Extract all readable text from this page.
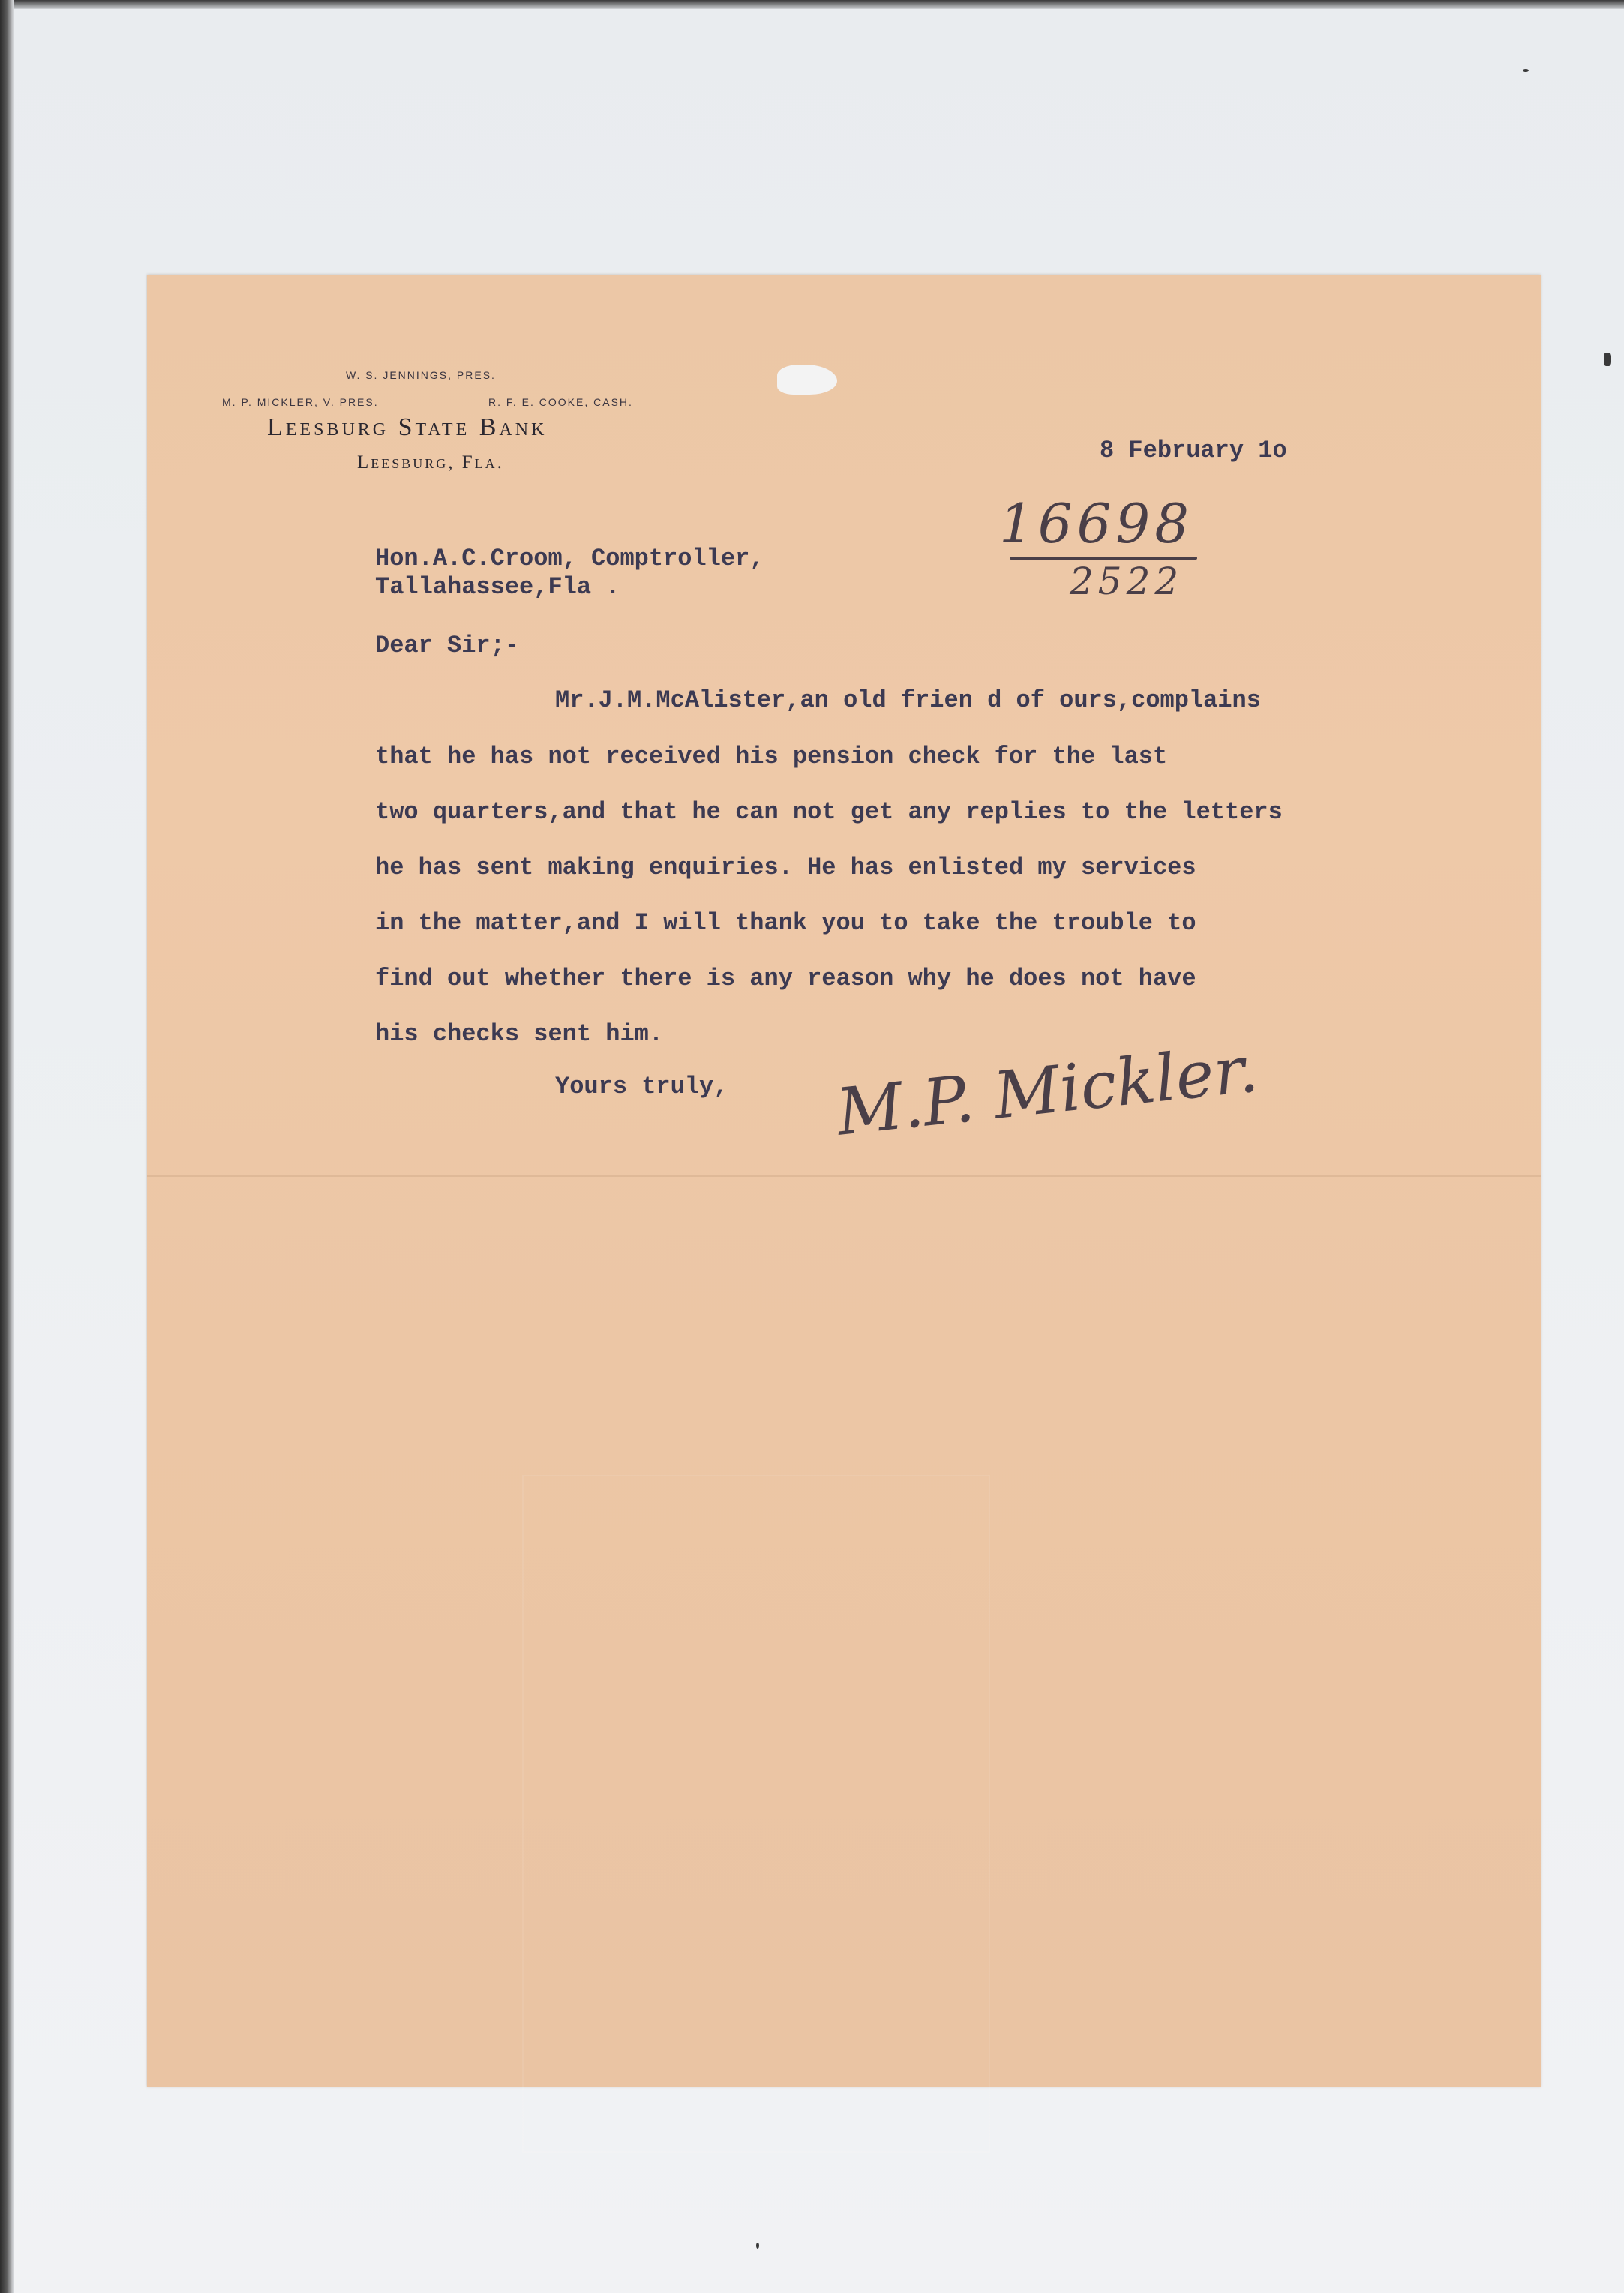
W. S. JENNINGS, PRES.
M. P. MICKLER, V. PRES.	R. F. E. COOKE, CASH.
Leesburg State Bank
Leesburg, Fla.	8 February 1o
16698
2522
Hon.A.C.Croom, Comptroller,
Tallahassee,Fla .
Dear Sir;-
Mr.J.M.McAlister,an old frien d of ours,complains
that he has not received his pension check for the last
two quarters,and that he can not get any replies to the letters
he has sent making enquiries. He has enlisted my services
in the matter,and I will thank you to take the trouble to
find out whether there is any reason why he does not have
his checks sent him.
Yours truly, M.P. Mickler.
